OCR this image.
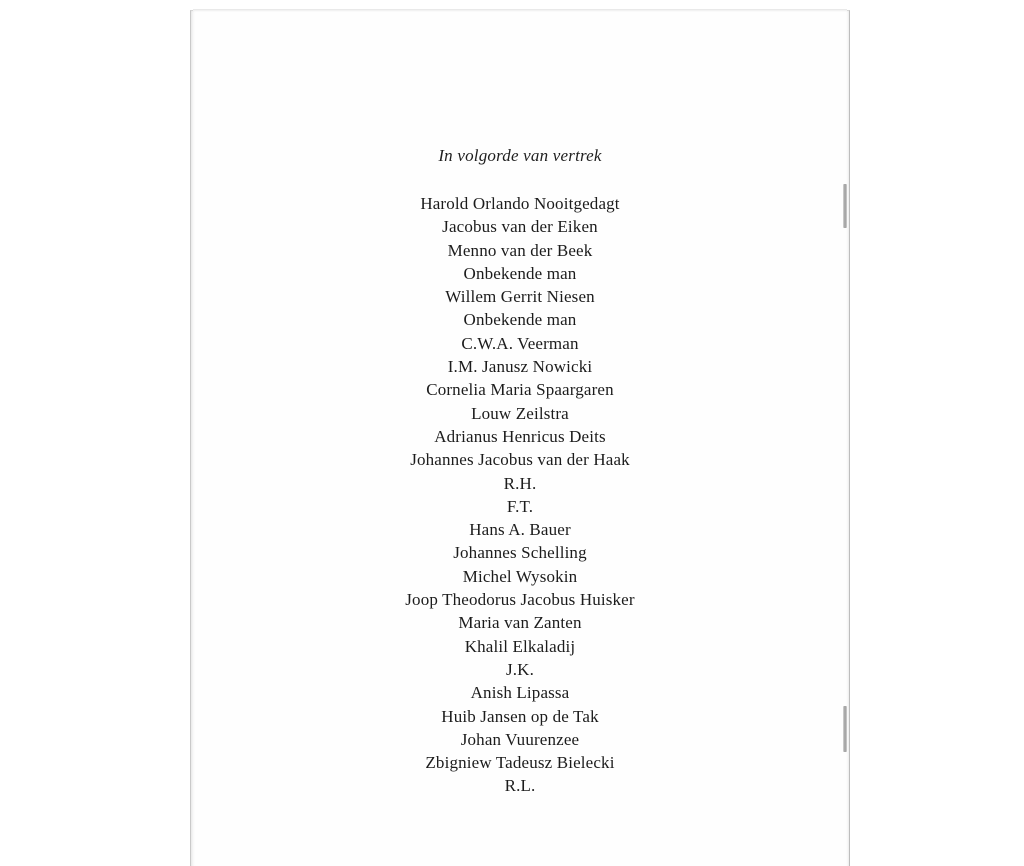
In volgorde van vertrek
Harold Orlando Nooitgedagt
Jacobus van der Eiken
Menno van der Beek
Onbekende man
Willem Gerrit Niesen
Onbekende man
C.W.A. Veerman
I.M. Janusz Nowicki
Cornelia Maria Spaargaren
Louw Zeilstra
Adrianus Henricus Deits
Johannes Jacobus van der Haak
R.H.
F.T.
Hans A. Bauer
Johannes Schelling
Michel Wysokin
Joop Theodorus Jacobus Huisker
Maria van Zanten
Khalil Elkaladij
J.K.
Anish Lipassa
Huib Jansen op de Tak
Johan Vuurenzee
Zbigniew Tadeusz Bielecki
R.L.
